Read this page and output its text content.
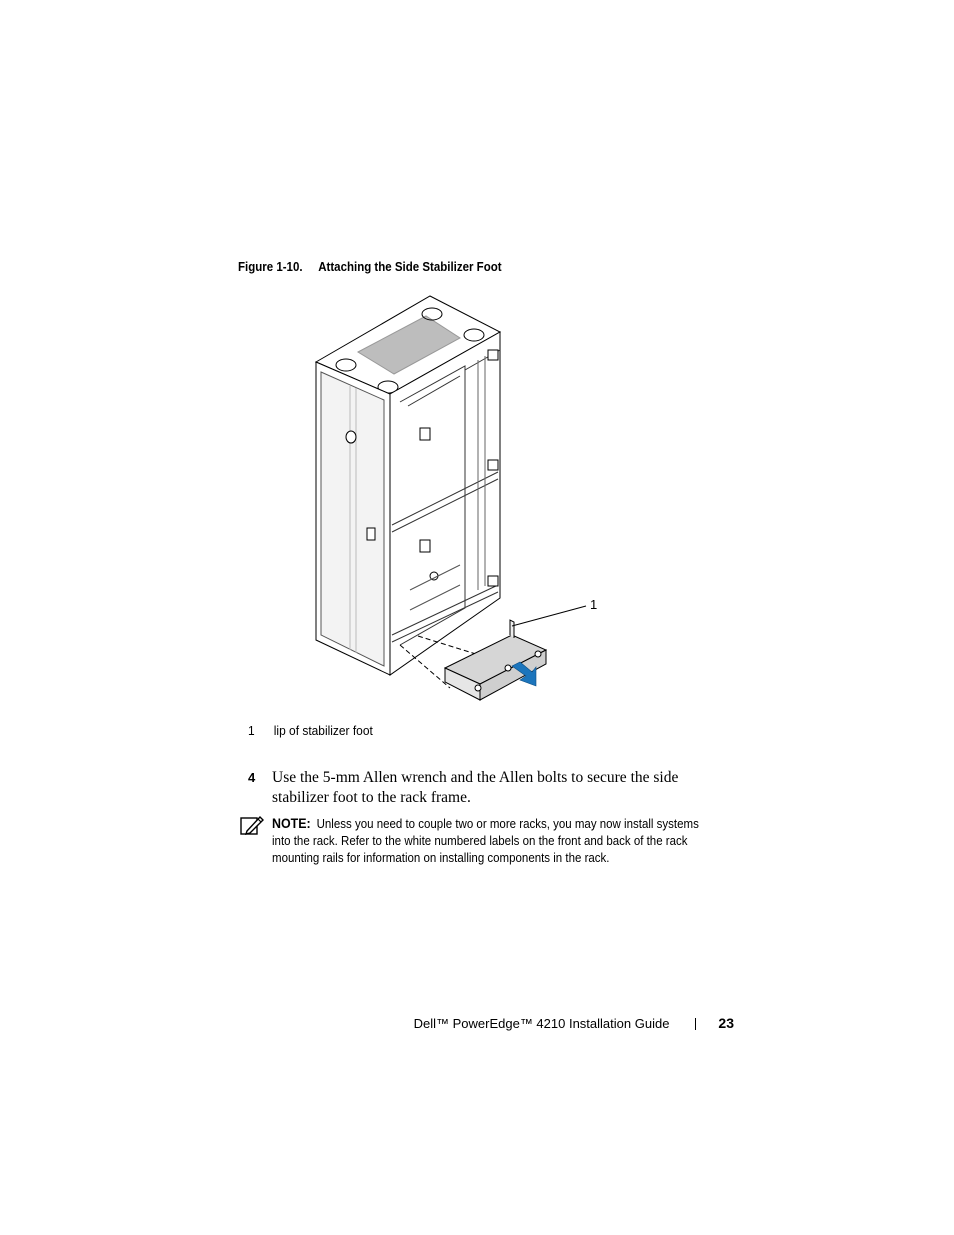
Figure 1-10. Attaching the Side Stabilizer Foot
1
1 lip of stabilizer foot
4 Use the 5-mm Allen wrench and the Allen bolts to secure the side stabilizer foot to the rack frame.
NOTE: Unless you need to couple two or more racks, you may now install systems into the rack. Refer to the white numbered labels on the front and back of the rack mounting rails for information on installing components in the rack.
Dell™ PowerEdge™ 4210 Installation Guide	23
